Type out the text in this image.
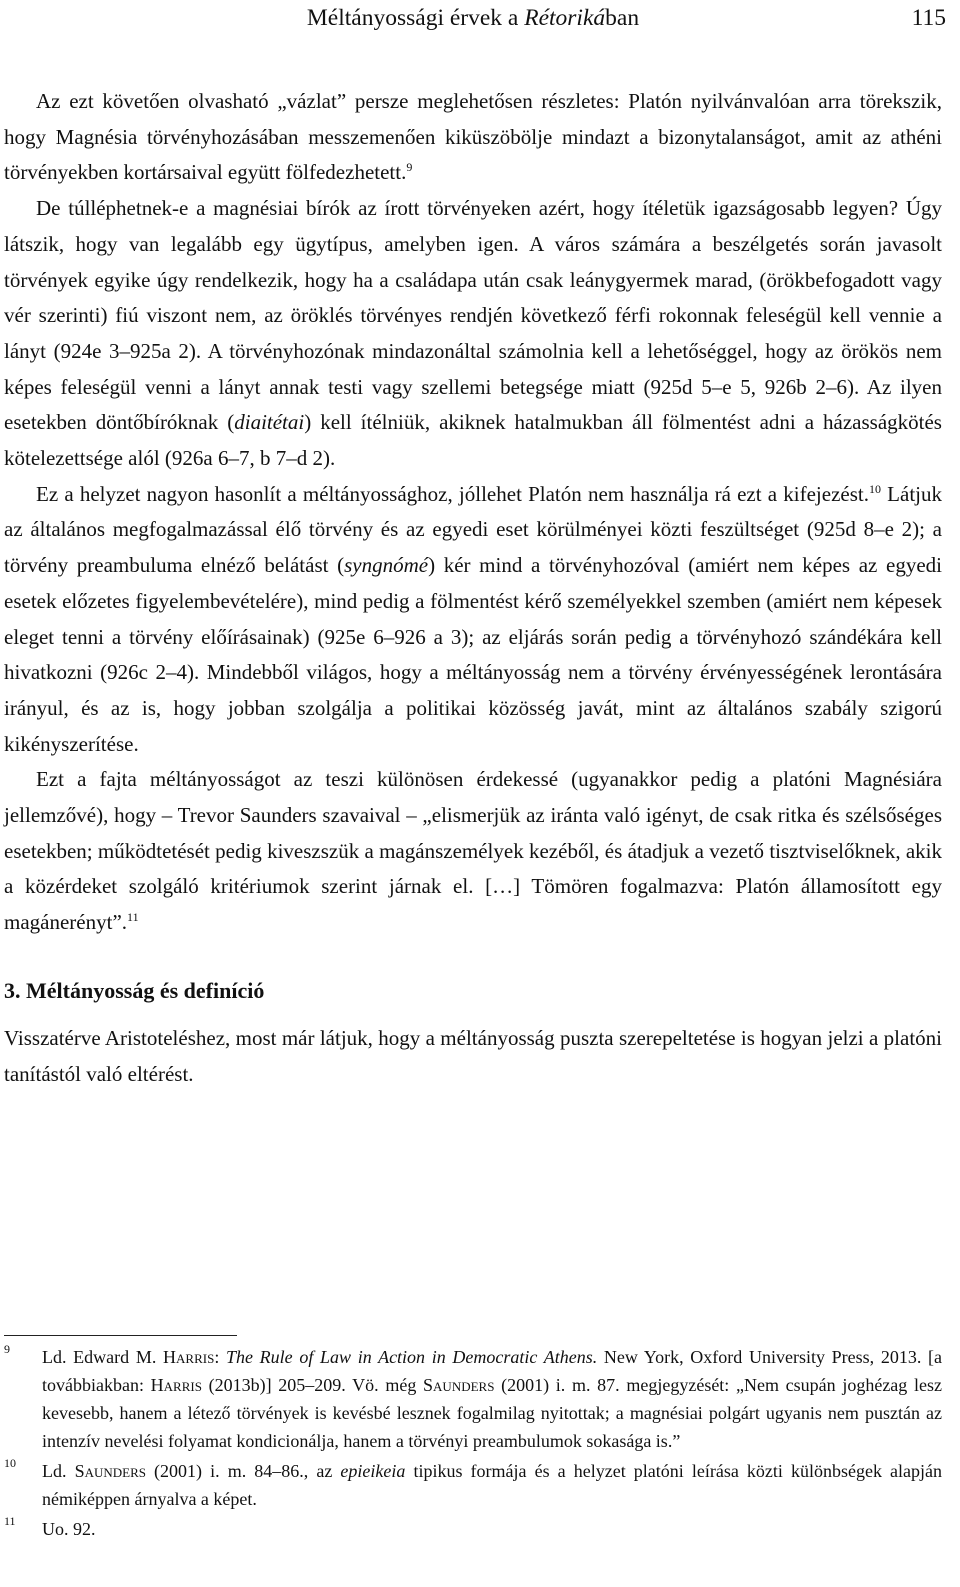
Méltányossági érvek a Rétorikában	115

Az ezt követően olvasható „vázlat” persze meglehetősen részletes: Platón nyilvánvalóan arra törekszik, hogy Magnésia törvényhozásában messzemenően kiküszöbölje mindazt a bizonytalanságot, amit az athéni törvényekben kortársaival együtt fölfedezhetett.$^9$

De túlléphetnek-e a magnésiai bírók az írott törvényeken azért, hogy ítéletük igazságosabb legyen? Úgy látszik, hogy van legalább egy ügytípus, amelyben igen. A város számára a beszélgetés során javasolt törvények egyike úgy rendelkezik, hogy ha a családapa után csak leánygyermek marad, (örökbefogadott vagy vér szerinti) fiú viszont nem, az öröklés törvényes rendjén következő férfi rokonnak feleségül kell vennie a lányt (924e 3–925a 2). A törvényhozónak mindazonáltal számolnia kell a lehetőséggel, hogy az örökös nem képes feleségül venni a lányt annak testi vagy szellemi betegsége miatt (925d 5–e 5, 926b 2–6). Az ilyen esetekben döntőbíróknak (diaitétai) kell ítélniük, akiknek hatalmukban áll fölmentést adni a házasságkötés kötelezettsége alól (926a 6–7, b 7–d 2).

Ez a helyzet nagyon hasonlít a méltányossághoz, jóllehet Platón nem használja rá ezt a kifejezést.$^{10}$ Látjuk az általános megfogalmazással élő törvény és az egyedi eset körülményei közti feszültséget (925d 8–e 2); a törvény preambuluma elnéző belátást (syngnómé) kér mind a törvényhozóval (amiért nem képes az egyedi esetek előzetes figyelembevételére), mind pedig a fölmentést kérő személyekkel szemben (amiért nem képesek eleget tenni a törvény előírásainak) (925e 6–926 a 3); az eljárás során pedig a törvényhozó szándékára kell hivatkozni (926c 2–4). Mindebből világos, hogy a méltányosság nem a törvény érvényességének lerontására irányul, és az is, hogy jobban szolgálja a politikai közösség javát, mint az általános szabály szigorú kikényszerítése.

Ezt a fajta méltányosságot az teszi különösen érdekessé (ugyanakkor pedig a platóni Magnésiára jellemzővé), hogy – Trevor Saunders szavaival – „elismerjük az iránta való igényt, de csak ritka és szélsőséges esetekben; működtetését pedig kiveszszük a magánszemélyek kezéből, és átadjuk a vezető tisztviselőknek, akik a közérdeket szolgáló kritériumok szerint járnak el. […] Tömören fogalmazva: Platón államosított egy magánerényt”.$^{11}$

3. Méltányosság és definíció

Visszatérve Aristoteléshez, most már látjuk, hogy a méltányosság puszta szerepeltetése is hogyan jelzi a platóni tanítástól való eltérést.

9 Ld. Edward M. Harris: The Rule of Law in Action in Democratic Athens. New York, Oxford University Press, 2013. [a továbbiakban: Harris (2013b)] 205–209. Vö. még Saunders (2001) i. m. 87. megjegyzését: „Nem csupán joghézag lesz kevesebb, hanem a létező törvények is kevésbé lesznek fogalmilag nyitottak; a magnésiai polgárt ugyanis nem pusztán az intenzív nevelési folyamat kondicionálja, hanem a törvényi preambulumok sokasága is.”
10 Ld. Saunders (2001) i. m. 84–86., az epieikeia tipikus formája és a helyzet platóni leírása közti különbségek alapján némiképpen árnyalva a képet.
11 Uo. 92.
